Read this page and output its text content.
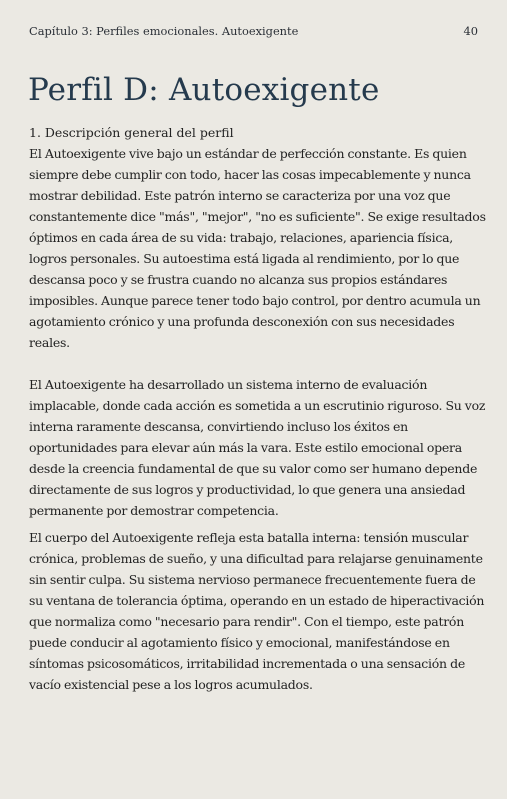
Capítulo 3: Perfiles emocionales. Autoexigente	40
Perfil D: Autoexigente
1. Descripción general del perfil

El Autoexigente vive bajo un estándar de perfección constante. Es quien siempre debe cumplir con todo, hacer las cosas impecablemente y nunca mostrar debilidad. Este patrón interno se caracteriza por una voz que constantemente dice "más", "mejor", "no es suficiente". Se exige resultados óptimos en cada área de su vida: trabajo, relaciones, apariencia física, logros personales. Su autoestima está ligada al rendimiento, por lo que descansa poco y se frustra cuando no alcanza sus propios estándares imposibles. Aunque parece tener todo bajo control, por dentro acumula un agotamiento crónico y una profunda desconexión con sus necesidades reales.

El Autoexigente ha desarrollado un sistema interno de evaluación implacable, donde cada acción es sometida a un escrutinio riguroso. Su voz interna raramente descansa, convirtiendo incluso los éxitos en oportunidades para elevar aún más la vara. Este estilo emocional opera desde la creencia fundamental de que su valor como ser humano depende directamente de sus logros y productividad, lo que genera una ansiedad permanente por demostrar competencia.

El cuerpo del Autoexigente refleja esta batalla interna: tensión muscular crónica, problemas de sueño, y una dificultad para relajarse genuinamente sin sentir culpa. Su sistema nervioso permanece frecuentemente fuera de su ventana de tolerancia óptima, operando en un estado de hiperactivación que normaliza como "necesario para rendir". Con el tiempo, este patrón puede conducir al agotamiento físico y emocional, manifestándose en síntomas psicosomáticos, irritabilidad incrementada o una sensación de vacío existencial pese a los logros acumulados.
